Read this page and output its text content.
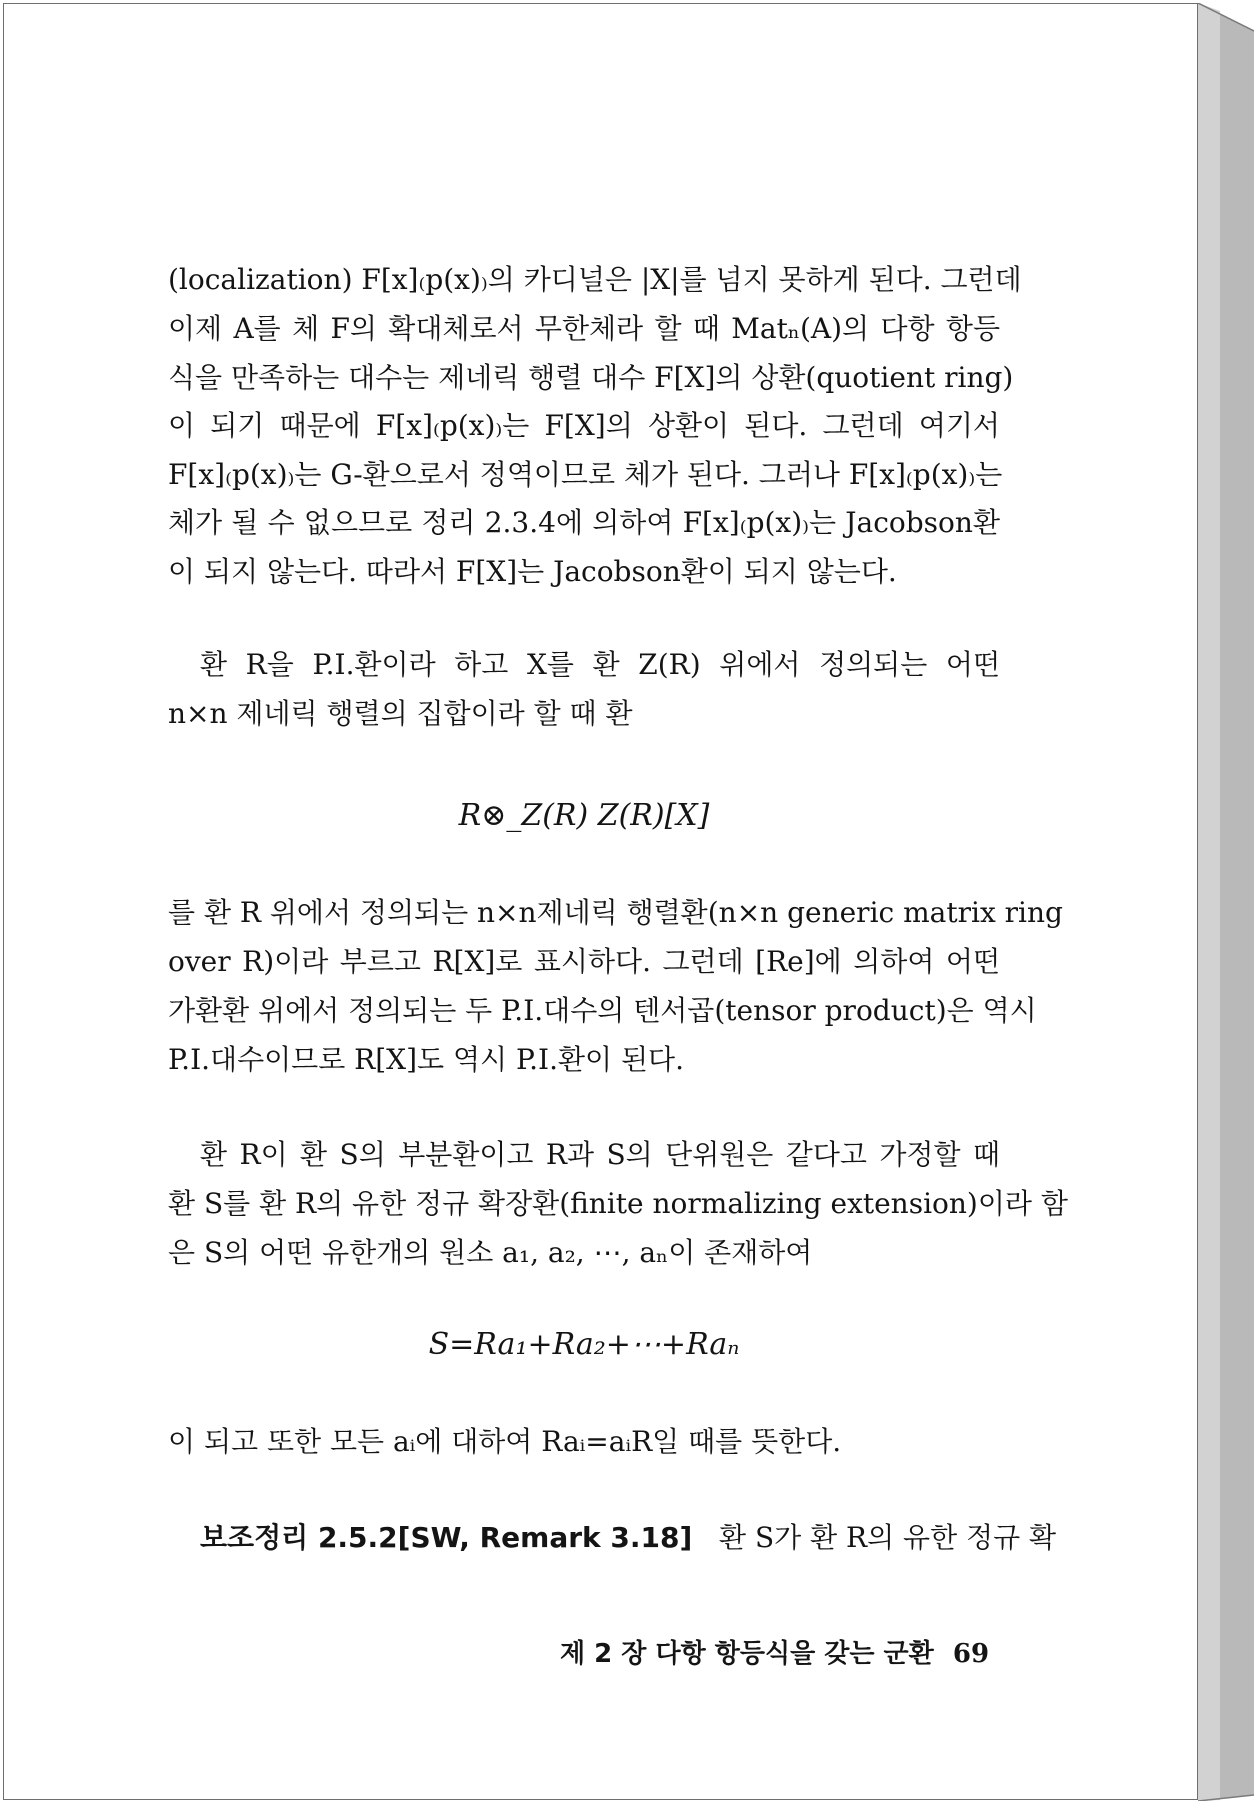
(localization) F[x]₍p(x)₎의 카디널은 |X|를 넘지 못하게 된다. 그런데
이제 A를 체 F의 확대체로서 무한체라 할 때 Matₙ(A)의 다항 항등
식을 만족하는 대수는 제네릭 행렬 대수 F[X]의 상환(quotient ring)
이 되기 때문에 F[x]₍p(x)₎는 F[X]의 상환이 된다. 그런데 여기서
F[x]₍p(x)₎는 G-환으로서 정역이므로 체가 된다. 그러나 F[x]₍p(x)₎는
체가 될 수 없으므로 정리 2.3.4에 의하여 F[x]₍p(x)₎는 Jacobson환
이 되지 않는다. 따라서 F[X]는 Jacobson환이 되지 않는다.
환 R을 P.I.환이라 하고 X를 환 Z(R) 위에서 정의되는 어떤
n×n 제네릭 행렬의 집합이라 할 때 환
R⊗_Z(R) Z(R)[X]
를 환 R 위에서 정의되는 n×n제네릭 행렬환(n×n generic matrix ring
over R)이라 부르고 R[X]로 표시하다. 그런데 [Re]에 의하여 어떤
가환환 위에서 정의되는 두 P.I.대수의 텐서곱(tensor product)은 역시
P.I.대수이므로 R[X]도 역시 P.I.환이 된다.
환 R이 환 S의 부분환이고 R과 S의 단위원은 같다고 가정할 때
환 S를 환 R의 유한 정규 확장환(finite normalizing extension)이라 함
은 S의 어떤 유한개의 원소 a₁, a₂, ⋯, aₙ이 존재하여
S=Ra₁+Ra₂+⋯+Raₙ
이 되고 또한 모든 aᵢ에 대하여 Raᵢ=aᵢR일 때를 뜻한다.
보조정리 2.5.2[SW, Remark 3.18] 환 S가 환 R의 유한 정규 확
제 2 장 다항 항등식을 갖는 군환 69
